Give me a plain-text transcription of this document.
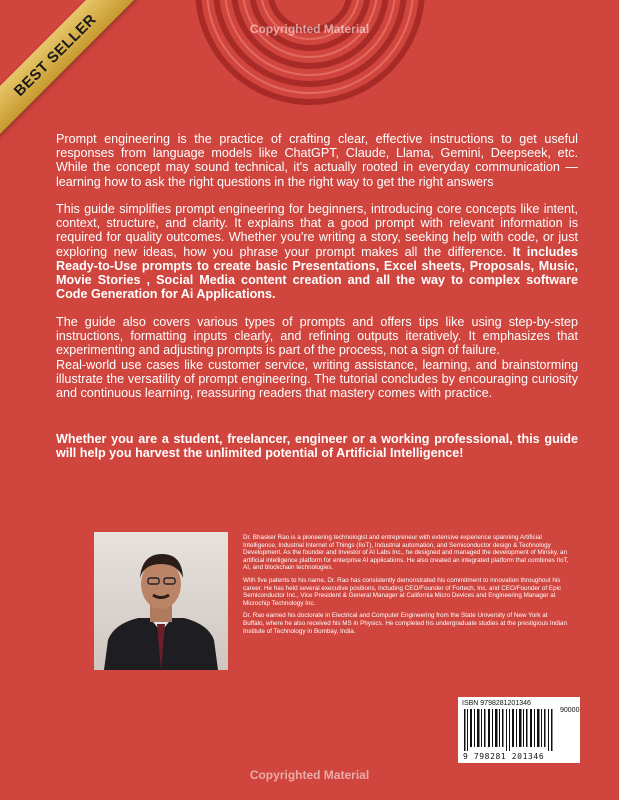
Copyrighted Material
BEST SELLER

Prompt engineering is the practice of crafting clear, effective instructions to get useful responses from language models like ChatGPT, Claude, Llama, Gemini, Deepseek, etc. While the concept may sound technical, it's actually rooted in everyday communication — learning how to ask the right questions in the right way to get the right answers

This guide simplifies prompt engineering for beginners, introducing core concepts like intent, context, structure, and clarity. It explains that a good prompt with relevant information is required for quality outcomes. Whether you're writing a story, seeking help with code, or just exploring new ideas, how you phrase your prompt makes all the difference. It includes Ready-to-Use prompts to create basic Presentations, Excel sheets, Proposals, Music, Movie Stories , Social Media content creation and all the way to complex software Code Generation for Ai Applications.

The guide also covers various types of prompts and offers tips like using step-by-step instructions, formatting inputs clearly, and refining outputs iteratively. It emphasizes that experimenting and adjusting prompts is part of the process, not a sign of failure.

Real-world use cases like customer service, writing assistance, learning, and brainstorming illustrate the versatility of prompt engineering. The tutorial concludes by encouraging curiosity and continuous learning, reassuring readers that mastery comes with practice.

Whether you are a student, freelancer, engineer or a working professional, this guide will help you harvest the unlimited potential of Artificial Intelligence!

Dr. Bhasker Rao is a pioneering technologist and entrepreneur with extensive experience spanning Artificial Intelligence, Industrial Internet of Things (IIoT), Industrial automation, and Semiconductor design & Technology Development. As the founder and Investor of AI Labs Inc., he designed and managed the development of Minsky, an artificial intelligence platform for enterprise AI applications. He also created an integrated platform that combines IIoT, AI, and blockchain technologies.

With five patents to his name, Dr. Rao has consistently demonstrated his commitment to innovation throughout his career. He has held several executive positions, including CEO/Founder of Fortech, Inc. and CEO/Founder of Epic Semiconductor Inc., Vice President & General Manager at California Micro Devices and Engineering Manager at Microchip Technology Inc.

Dr. Rao earned his doctorate in Electrical and Computer Engineering from the State University of New York at Buffalo, where he also received his MS in Physics. He completed his undergraduate studies at the prestigious Indian Institute of Technology in Bombay, India.

ISBN 9798281201346
90000
9 798281 201346
Copyrighted Material
